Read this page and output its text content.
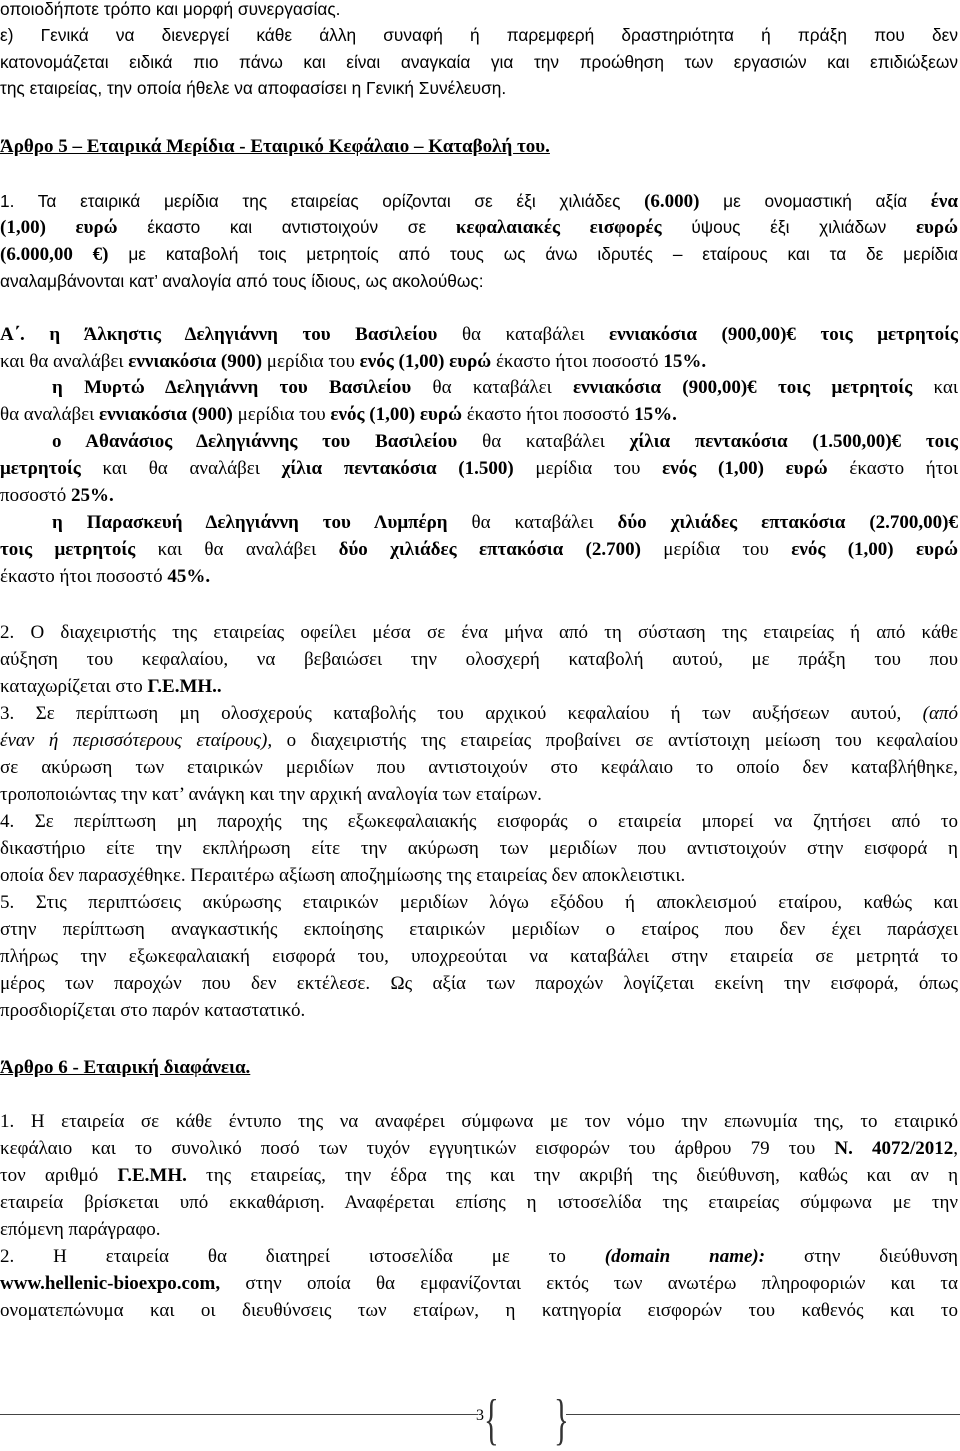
οποιοδήποτε τρόπο και μορφή συνεργασίας.
ε) Γενικά να διενεργεί κάθε άλλη συναφή ή παρεμφερή δραστηριότητα ή πράξη που δεν
κατονομάζεται ειδικά πιο πάνω και είναι αναγκαία για την προώθηση των εργασιών και επιδιώξεων
της εταιρείας, την οποία ήθελε να αποφασίσει η Γενική Συνέλευση.
Άρθρο 5 – Εταιρικά Μερίδια - Εταιρικό Κεφάλαιο – Καταβολή του.
1. Τα εταιρικά μερίδια της εταιρείας ορίζονται σε έξι χιλιάδες (6.000) με ονομαστική αξία ένα
(1,00) ευρώ έκαστο και αντιστοιχούν σε κεφαλαιακές εισφορές ύψους έξι χιλιάδων ευρώ
(6.000,00 €) με καταβολή τοις μετρητοίς από τους ως άνω ιδρυτές – εταίρους και τα δε μερίδια
αναλαμβάνονται κατ’ αναλογία από τους ίδιους, ως ακολούθως:
Α΄. η Άλκηστις Δεληγιάννη του Βασιλείου θα καταβάλει εννιακόσια (900,00)€ τοις μετρητοίς
και θα αναλάβει εννιακόσια (900) μερίδια του ενός (1,00) ευρώ έκαστο ήτοι ποσοστό 15%.
η Μυρτώ Δεληγιάννη του Βασιλείου θα καταβάλει εννιακόσια (900,00)€ τοις μετρητοίς και
θα αναλάβει εννιακόσια (900) μερίδια του ενός (1,00) ευρώ έκαστο ήτοι ποσοστό 15%.
ο Αθανάσιος Δεληγιάννης του Βασιλείου θα καταβάλει χίλια πεντακόσια (1.500,00)€ τοις
μετρητοίς και θα αναλάβει χίλια πεντακόσια (1.500) μερίδια του ενός (1,00) ευρώ έκαστο ήτοι
ποσοστό 25%.
η Παρασκευή Δεληγιάννη του Λυμπέρη θα καταβάλει δύο χιλιάδες επτακόσια (2.700,00)€
τοις μετρητοίς και θα αναλάβει δύο χιλιάδες επτακόσια (2.700) μερίδια του ενός (1,00) ευρώ
έκαστο ήτοι ποσοστό 45%.
2. Ο διαχειριστής της εταιρείας οφείλει μέσα σε ένα μήνα από τη σύσταση της εταιρείας ή από κάθε
αύξηση του κεφαλαίου, να βεβαιώσει την ολοσχερή καταβολή αυτού, με πράξη του που
καταχωρίζεται στο Γ.Ε.ΜΗ..
3. Σε περίπτωση μη ολοσχερούς καταβολής του αρχικού κεφαλαίου ή των αυξήσεων αυτού, (από
έναν ή περισσότερους εταίρους), ο διαχειριστής της εταιρείας προβαίνει σε αντίστοιχη μείωση του κεφαλαίου
σε ακύρωση των εταιρικών μεριδίων που αντιστοιχούν στο κεφάλαιο το οποίο δεν καταβλήθηκε,
τροποποιώντας την κατ’ ανάγκη και την αρχική αναλογία των εταίρων.
4. Σε περίπτωση μη παροχής της εξωκεφαλαιακής εισφοράς ο εταιρεία μπορεί να ζητήσει από το
δικαστήριο είτε την εκπλήρωση είτε την ακύρωση των μεριδίων που αντιστοιχούν στην εισφορά η
οποία δεν παρασχέθηκε. Περαιτέρω αξίωση αποζημίωσης της εταιρείας δεν αποκλειστικι.
5. Στις περιπτώσεις ακύρωσης εταιρικών μεριδίων λόγω εξόδου ή αποκλεισμού εταίρου, καθώς και
στην περίπτωση αναγκαστικής εκποίησης εταιρικών μεριδίων ο εταίρος που δεν έχει παράσχει
πλήρως την εξωκεφαλαιακή εισφορά του, υποχρεούται να καταβάλει στην εταιρεία σε μετρητά το
μέρος των παροχών που δεν εκτέλεσε. Ως αξία των παροχών λογίζεται εκείνη την εισφορά, όπως
προσδιορίζεται στο παρόν καταστατικό.
Άρθρο 6 - Εταιρική διαφάνεια.
1. Η εταιρεία σε κάθε έντυπο της να αναφέρει σύμφωνα με τον νόμο την επωνυμία της, το εταιρικό
κεφάλαιο και το συνολικό ποσό των τυχόν εγγυητικών εισφορών του άρθρου 79 του Ν. 4072/2012,
τον αριθμό Γ.Ε.ΜΗ. της εταιρείας, την έδρα της και την ακριβή της διεύθυνση, καθώς και αν η
εταιρεία βρίσκεται υπό εκκαθάριση. Αναφέρεται επίσης η ιστοσελίδα της εταιρείας σύμφωνα με την
επόμενη παράγραφο.
2. Η εταιρεία θα διατηρεί ιστοσελίδα με το (domain name): στην διεύθυνση
www.hellenic-bioexpo.com, στην οποία θα εμφανίζονται εκτός των ανωτέρω πληροφοριών και τα
ονοματεπώνυμα και οι διευθύνσεις των εταίρων, η κατηγορία εισφορών του καθενός και το
{ }
3
